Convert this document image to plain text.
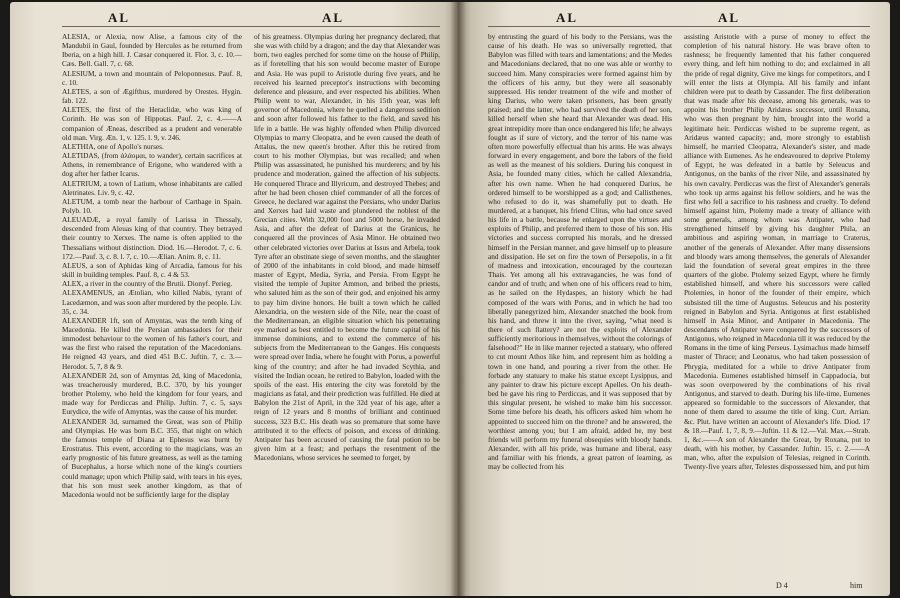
AL	AL

ALESIA, or Alexia, now Alise, a famous city of the Mandubii in Gaul, founded by Hercules as he returned from Iberia, on a high hill. J. Cæsar conquered it. Flor. 3, c. 10.—Cæs. Bell. Gall. 7, c. 68.

ALESIUM, a town and mountain of Peloponnesus. Pauf. 8, c. 10.

ALETES, a son of Ægifthus, murdered by Orestes. Hygin. fab. 122.

ALETES, the first of the Heraclidæ, who was king of Corinth. He was son of Hippotas. Pauf. 2, c. 4.——A companion of Æneas, described as a prudent and venerable old man. Virg. Æn. 1, v. 125. l. 9, v. 246.

ALETHIA, one of Apollo's nurses.

ALETIDAS, (from ἀλάομαι, to wander), certain sacrifices at Athens, in remembrance of Erigone, who wandered with a dog after her father Icarus.

ALETRIUM, a town of Latium, whose inhabitants are called Aletrinates. Liv. 9, c. 42.

ALETUM, a tomb near the harbour of Carthage in Spain. Polyb. 10.

ALEUADÆ, a royal family of Larissa in Thessaly, descended from Aleuas king of that country. They betrayed their country to Xerxes. The name is often applied to the Thessalians without distinction. Diod. 16.—Herodot. 7, c. 6. 172.—Pauf. 3, c. 8. l. 7, c. 10.—Ælian. Anim. 8, c. 11.

ALEUS, a son of Aphidas king of Arcadia, famous for his skill in building temples. Pauf. 8, c. 4 & 53.

ALEX, a river in the country of the Brutii. Dionyf. Perieg.

ALEXAMENUS, an Ætolian, who killed Nabis, tyrant of Lacedæmon, and was soon after murdered by the people. Liv. 35, c. 34.

ALEXANDER 1ft, son of Amyntas, was the tenth king of Macedonia. He killed the Persian ambassadors for their immodest behaviour to the women of his father's court, and was the first who raised the reputation of the Macedonians. He reigned 43 years, and died 451 B.C. Juftin. 7, c. 3.—Herodot. 5, 7, 8 & 9.

ALEXANDER 2d, son of Amyntas 2d, king of Macedonia, was treacherously murdered, B.C. 370, by his younger brother Ptolemy, who held the kingdom for four years, and made way for Perdiccas and Philip. Juftin. 7, c. 5, says Eurydice, the wife of Amyntas, was the cause of his murder.

ALEXANDER 3d, surnamed the Great, was son of Philip and Olympias. He was born B.C. 355, that night on which the famous temple of Diana at Ephesus was burnt by Erostratus. This event, according to the magicians, was an early prognostic of his future greatness, as well as the taming of Bucephalus, a horse which none of the king's courtiers could manage; upon which Philip said, with tears in his eyes, that his son must seek another kingdom, as that of Macedonia would not be sufficiently large for the display

of his greatness. Olympias during her pregnancy declared, that she was with child by a dragon; and the day that Alexander was born, two eagles perched for some time on the house of Philip, as if foretelling that his son would become master of Europe and Asia. He was pupil to Aristotle during five years, and he received his learned preceptor's instructions with becoming deference and pleasure, and ever respected his abilities. When Philip went to war, Alexander, in his 15th year, was left governor of Macedonia, where he quelled a dangerous sedition and soon after followed his father to the field, and saved his life in a battle. He was highly offended when Philip divorced Olympias to marry Cleopatra, and he even caused the death of Attalus, the new queen's brother. After this he retired from court to his mother Olympias, but was recalled; and when Philip was assassinated, he punished his murderers; and by his prudence and moderation, gained the affection of his subjects. He conquered Thrace and Illyricum, and destroyed Thebes; and after he had been chosen chief commander of all the forces of Greece, he declared war against the Persians, who under Darius and Xerxes had laid waste and plundered the noblest of the Grecian cities. With 32,000 foot and 5000 horse, he invaded Asia, and after the defeat of Darius at the Granicus, he conquered all the provinces of Asia Minor. He obtained two other celebrated victories over Darius at Issus and Arbela, took Tyre after an obstinate siege of seven months, and the slaughter of 2000 of the inhabitants in cold blood, and made himself master of Egypt, Media, Syria, and Persia. From Egypt he visited the temple of Jupiter Ammon, and bribed the priests, who saluted him as the son of their god, and enjoined his army to pay him divine honors. He built a town which he called Alexandria, on the western side of the Nile, near the coast of the Mediterranean, an eligible situation which his penetrating eye marked as best entitled to become the future capital of his immense dominions, and to extend the commerce of his subjects from the Mediterranean to the Ganges. His conquests were spread over India, where he fought with Porus, a powerful king of the country; and after he had invaded Scythia, and visited the Indian ocean, he retired to Babylon, loaded with the spoils of the east. His entering the city was foretold by the magicians as fatal, and their prediction was fulfilled. He died at Babylon the 21st of April, in the 32d year of his age, after a reign of 12 years and 8 months of brilliant and continued success, 323 B.C. His death was so premature that some have attributed it to the effects of poison, and excess of drinking. Antipater has been accused of causing the fatal potion to be given him at a feast; and perhaps the resentment of the Macedonians, whose services he seemed to forget, by

AL	AL

by entrusting the guard of his body to the Persians, was the cause of his death. He was so universally regretted, that Babylon was filled with tears and lamentations; and the Medes and Macedonians declared, that no one was able or worthy to succeed him. Many conspiracies were formed against him by the officers of his army, but they were all seasonably suppressed. His tender treatment of the wife and mother of king Darius, who were taken prisoners, has been greatly praised; and the latter, who had survived the death of her son, killed herself when she heard that Alexander was dead. His great intrepidity more than once endangered his life; he always fought as if sure of victory, and the terror of his name was often more powerfully effectual than his arms. He was always forward in every engagement, and bore the labors of the field as well as the meanest of his soldiers. During his conquest in Asia, he founded many cities, which he called Alexandria, after his own name. When he had conquered Darius, he ordered himself to be worshipped as a god; and Callisthenes, who refused to do it, was shamefully put to death. He murdered, at a banquet, his friend Clitus, who had once saved his life in a battle, because he enlarged upon the virtues and exploits of Philip, and preferred them to those of his son. His victories and success corrupted his morals, and he dressed himself in the Persian manner, and gave himself up to pleasure and dissipation. He set on fire the town of Persepolis, in a fit of madness and intoxication, encouraged by the courtezan Thais. Yet among all his extravagancies, he was fond of candor and of truth; and when one of his officers read to him, as he sailed on the Hydaspes, an history which he had composed of the wars with Porus, and in which he had too liberally panegyrized him, Alexander snatched the book from his hand, and threw it into the river, saying, "what need is there of such flattery? are not the exploits of Alexander sufficiently meritorious in themselves, without the colorings of falsehood?" He in like manner rejected a statuary, who offered to cut mount Athos like him, and represent him as holding a town in one hand, and pouring a river from the other. He forbade any statuary to make his statue except Lysippus, and any painter to draw his picture except Apelles. On his death-bed he gave his ring to Perdiccas, and it was supposed that by this singular present, he wished to make him his successor. Some time before his death, his officers asked him whom he appointed to succeed him on the throne? and he answered, the worthiest among you; but I am afraid, added he, my best friends will perform my funeral obsequies with bloody hands. Alexander, with all his pride, was humane and liberal, easy and familiar with his friends, a great patron of learning, as may be collected from his

assisting Aristotle with a purse of money to effect the completion of his natural history. He was brave often to rashness; he frequently lamented that his father conquered every thing, and left him nothing to do; and exclaimed in all the pride of regal dignity, Give me kings for competitors, and I will enter the lists at Olympia. All his family and infant children were put to death by Cassander. The first deliberation that was made after his decease, among his generals, was to appoint his brother Philip Aridæus successor, until Roxana, who was then pregnant by him, brought into the world a legitimate heir. Perdiccas wished to be supreme regent, as Aridæus wanted capacity; and, more strongly to establish himself, he married Cleopatra, Alexander's sister, and made alliance with Eumenes. As he endeavoured to deprive Ptolemy of Egypt, he was defeated in a battle by Seleucus and Antigonus, on the banks of the river Nile, and assassinated by his own cavalry. Perdiccas was the first of Alexander's generals who took up arms against his fellow soldiers, and he was the first who fell a sacrifice to his rashness and cruelty. To defend himself against him, Ptolemy made a treaty of alliance with some generals, among whom was Antipater, who had strengthened himself by giving his daughter Phila, an ambitious and aspiring woman, in marriage to Craterus, another of the generals of Alexander. After many dissensions and bloody wars among themselves, the generals of Alexander laid the foundation of several great empires in the three quarters of the globe. Ptolemy seized Egypt, where he firmly established himself, and where his successors were called Ptolemies, in honor of the founder of their empire, which subsisted till the time of Augustus. Seleucus and his posterity reigned in Babylon and Syria. Antigonus at first established himself in Asia Minor, and Antipater in Macedonia. The descendants of Antipater were conquered by the successors of Antigonus, who reigned in Macedonia till it was reduced by the Romans in the time of king Perseus. Lysimachus made himself master of Thrace; and Leonatus, who had taken possession of Phrygia, meditated for a while to drive Antipater from Macedonia. Eumenes established himself in Cappadocia, but was soon overpowered by the combinations of his rival Antigonus, and starved to death. During his life-time, Eumenes appeared so formidable to the successors of Alexander, that none of them dared to assume the title of king. Curt. Arrian. &c. Plut. have written an account of Alexander's life. Diod. 17 & 18.—Pauf. 1, 7, 8, 9.—Juftin. 11 & 12.—Val. Max.—Strab. 1, &c.——A son of Alexander the Great, by Roxana, put to death, with his mother, by Cassander. Juftin. 15, c. 2.——A man, who, after the expulsion of Telesias, reigned in Corinth. Twenty-five years after, Telestes dispossessed him, and put him

D 4	him
